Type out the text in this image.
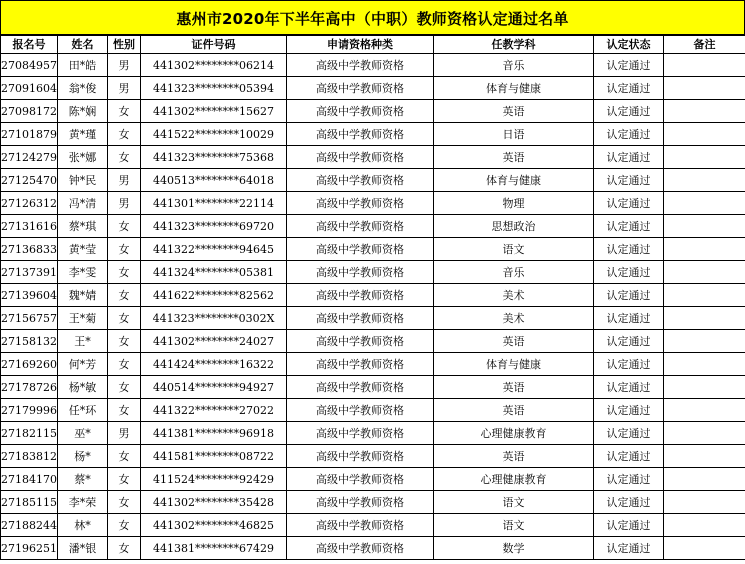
惠州市2020年下半年高中（中职）教师资格认定通过名单
报名号	姓名	性别	证件号码	申请资格种类	任教学科	认定状态	备注
27084957	田*皓	男	441302********06214	高级中学教师资格	音乐	认定通过	
27091604	翁*俊	男	441323********05394	高级中学教师资格	体育与健康	认定通过	
27098172	陈*娴	女	441302********15627	高级中学教师资格	英语	认定通过	
27101879	黄*瑾	女	441522********10029	高级中学教师资格	日语	认定通过	
27124279	张*娜	女	441323********75368	高级中学教师资格	英语	认定通过	
27125470	钟*民	男	440513********64018	高级中学教师资格	体育与健康	认定通过	
27126312	冯*清	男	441301********22114	高级中学教师资格	物理	认定通过	
27131616	蔡*琪	女	441323********69720	高级中学教师资格	思想政治	认定通过	
27136833	黄*莹	女	441322********94645	高级中学教师资格	语文	认定通过	
27137391	李*雯	女	441324********05381	高级中学教师资格	音乐	认定通过	
27139604	魏*婧	女	441622********82562	高级中学教师资格	美术	认定通过	
27156757	王*菊	女	441323********0302X	高级中学教师资格	美术	认定通过	
27158132	王*	女	441302********24027	高级中学教师资格	英语	认定通过	
27169260	何*芳	女	441424********16322	高级中学教师资格	体育与健康	认定通过	
27178726	杨*敏	女	440514********94927	高级中学教师资格	英语	认定通过	
27179996	任*环	女	441322********27022	高级中学教师资格	英语	认定通过	
27182115	巫*	男	441381********96918	高级中学教师资格	心理健康教育	认定通过	
27183812	杨*	女	441581********08722	高级中学教师资格	英语	认定通过	
27184170	蔡*	女	411524********92429	高级中学教师资格	心理健康教育	认定通过	
27185115	李*荣	女	441302********35428	高级中学教师资格	语文	认定通过	
27188244	林*	女	441302********46825	高级中学教师资格	语文	认定通过	
27196251	潘*银	女	441381********67429	高级中学教师资格	数学	认定通过	
